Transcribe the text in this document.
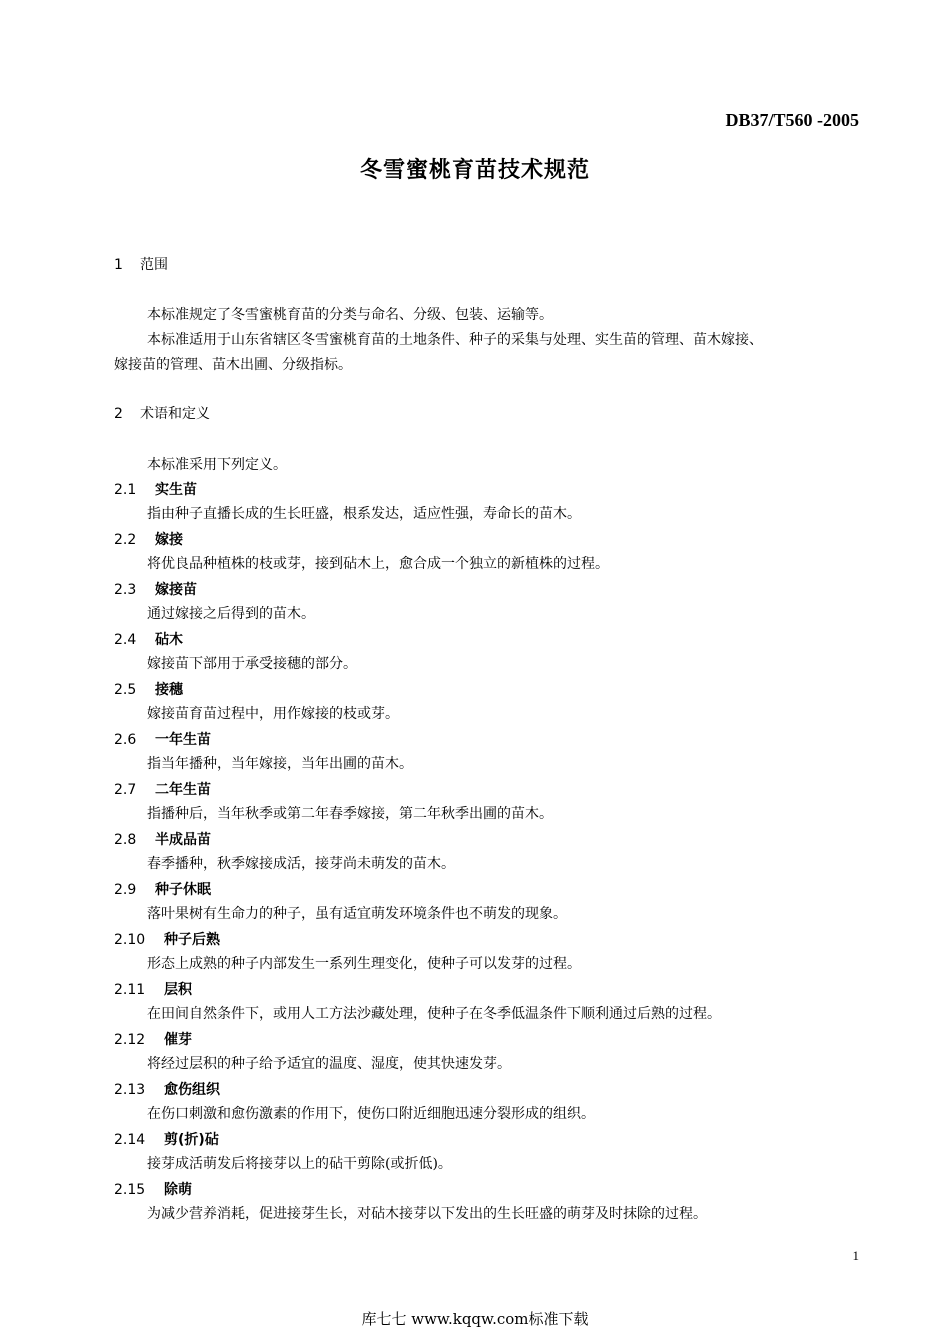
DB37/T560 -2005
冬雪蜜桃育苗技术规范
1 范围
本标准规定了冬雪蜜桃育苗的分类与命名、分级、包装、运输等。
本标准适用于山东省辖区冬雪蜜桃育苗的土地条件、种子的采集与处理、实生苗的管理、苗木嫁接、
嫁接苗的管理、苗木出圃、分级指标。
2 术语和定义
本标准采用下列定义。
2.1 实生苗
指由种子直播长成的生长旺盛，根系发达，适应性强，寿命长的苗木。
2.2 嫁接
将优良品种植株的枝或芽，接到砧木上，愈合成一个独立的新植株的过程。
2.3 嫁接苗
通过嫁接之后得到的苗木。
2.4 砧木
嫁接苗下部用于承受接穗的部分。
2.5 接穗
嫁接苗育苗过程中，用作嫁接的枝或芽。
2.6 一年生苗
指当年播种，当年嫁接，当年出圃的苗木。
2.7 二年生苗
指播种后，当年秋季或第二年春季嫁接，第二年秋季出圃的苗木。
2.8 半成品苗
春季播种，秋季嫁接成活，接芽尚未萌发的苗木。
2.9 种子休眠
落叶果树有生命力的种子，虽有适宜萌发环境条件也不萌发的现象。
2.10 种子后熟
形态上成熟的种子内部发生一系列生理变化，使种子可以发芽的过程。
2.11 层积
在田间自然条件下，或用人工方法沙藏处理，使种子在冬季低温条件下顺利通过后熟的过程。
2.12 催芽
将经过层积的种子给予适宜的温度、湿度，使其快速发芽。
2.13 愈伤组织
在伤口刺激和愈伤激素的作用下，使伤口附近细胞迅速分裂形成的组织。
2.14 剪(折)砧
接芽成活萌发后将接芽以上的砧干剪除(或折低)。
2.15 除萌
为减少营养消耗，促进接芽生长，对砧木接芽以下发出的生长旺盛的萌芽及时抹除的过程。
1
库七七 www.kqqw.com标准下载
